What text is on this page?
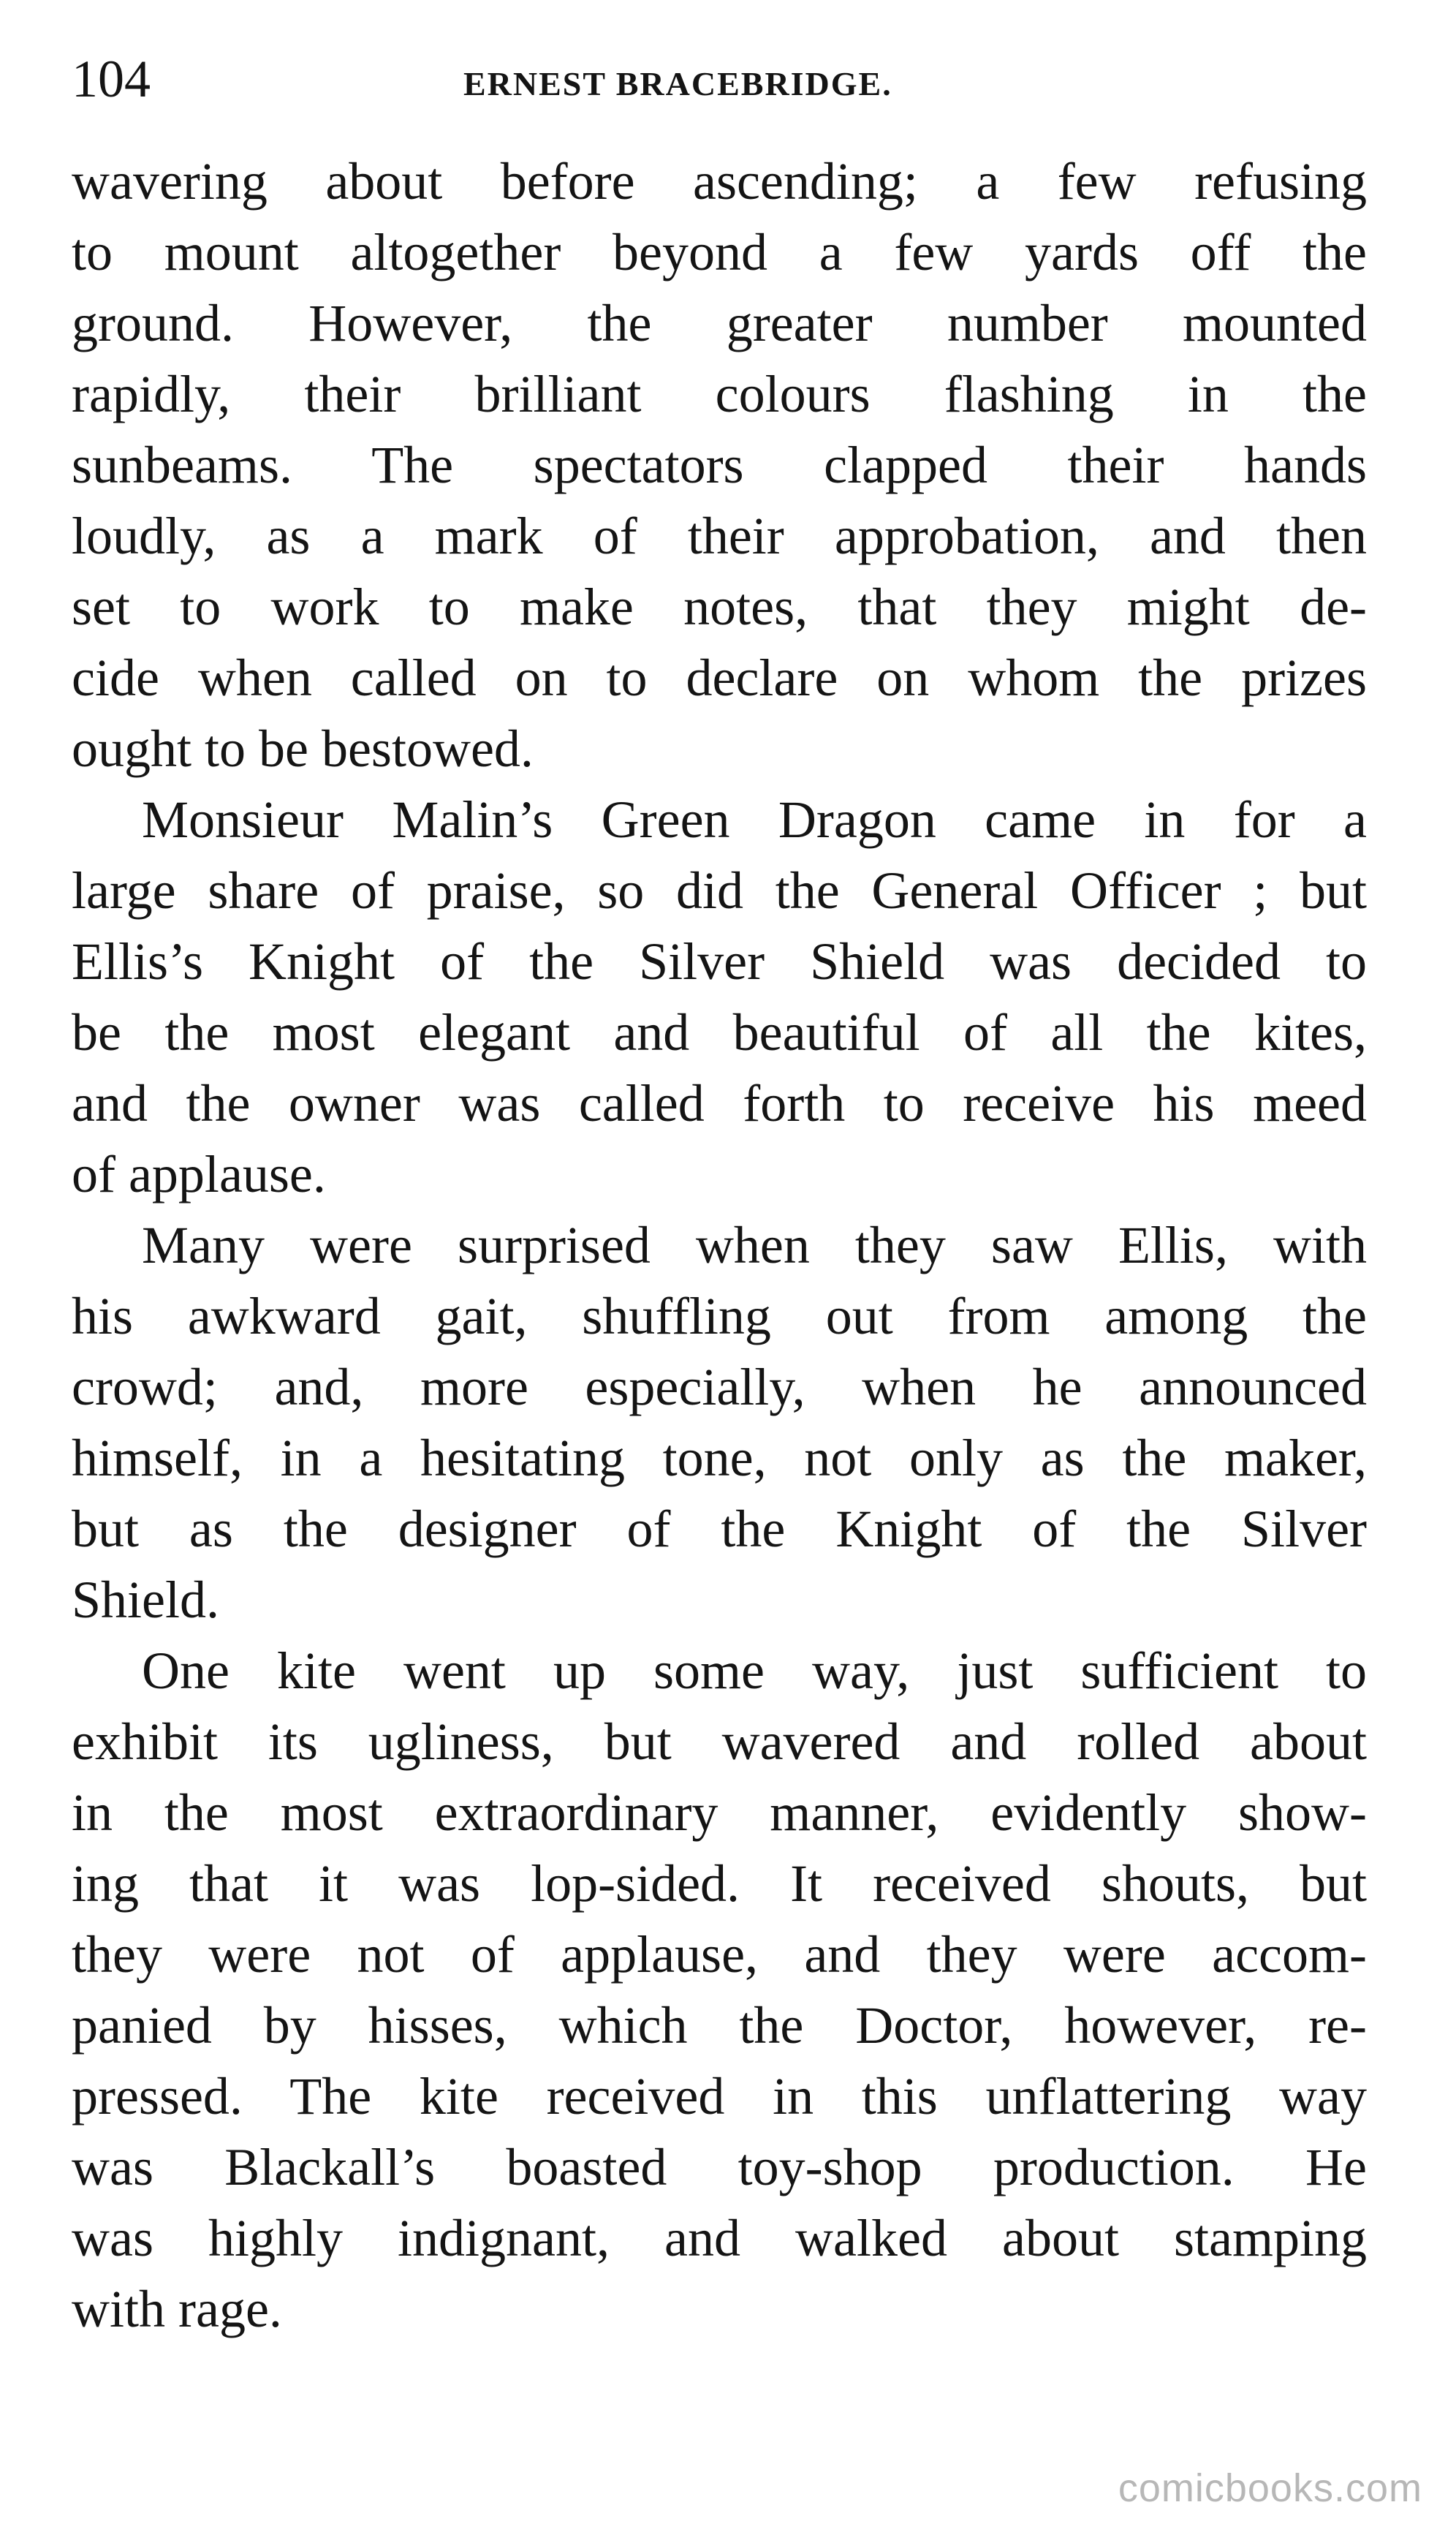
104	ERNEST BRACEBRIDGE.
wavering about before ascending; a few refusing
to mount altogether beyond a few yards off the
ground. However, the greater number mounted
rapidly, their brilliant colours flashing in the
sunbeams. The spectators clapped their hands
loudly, as a mark of their approbation, and then
set to work to make notes, that they might de-
cide when called on to declare on whom the prizes
ought to be bestowed.
Monsieur Malin’s Green Dragon came in for a
large share of praise, so did the General Officer ; but
Ellis’s Knight of the Silver Shield was decided to
be the most elegant and beautiful of all the kites,
and the owner was called forth to receive his meed
of applause.
Many were surprised when they saw Ellis, with
his awkward gait, shuffling out from among the
crowd; and, more especially, when he announced
himself, in a hesitating tone, not only as the maker,
but as the designer of the Knight of the Silver
Shield.
One kite went up some way, just sufficient to
exhibit its ugliness, but wavered and rolled about
in the most extraordinary manner, evidently show-
ing that it was lop-sided. It received shouts, but
they were not of applause, and they were accom-
panied by hisses, which the Doctor, however, re-
pressed. The kite received in this unflattering way
was Blackall’s boasted toy-shop production. He
was highly indignant, and walked about stamping
with rage.
comicbooks.com
